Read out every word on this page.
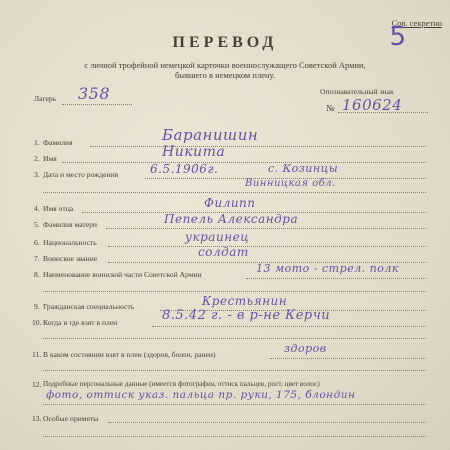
Сов. секретно
5
ПЕРЕВОД
с личной трофейной немецкой карточки военнослужащего Советской Армии,
бывшего в немецком плену.
Лагерь 358	Опознавательный знак
№ 160624
1. Фамилия	Баранишин
2. Имя	Никита
3. Дата и место рождения	6.5.1906г.	с. Козинцы
Винницкая обл.
4. Имя отца	Филипп
5. Фамилия матери	Пепель Александра
6. Национальность	украинец
7. Воинское звание	солдат
8. Наименование воинской части Советской Армии	13 мото - стрел. полк
9. Гражданская специальность	Крестьянин
10. Когда и где взят в плен	8.5.42 г. - в р-не Керчи
11. В каком состоянии взят в плен (здоров, болен, ранен)	здоров
12. Подробные персональные данные (имеется фотография, оттиск пальцев, рост, цвет волос)
фото, оттиск указ. пальца пр. руки, 175, блондин
13. Особые приметы
